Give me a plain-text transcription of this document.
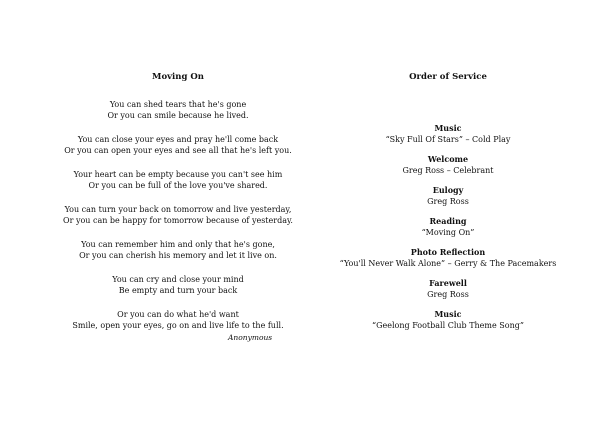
Moving On
You can shed tears that he's gone
Or you can smile because he lived.
You can close your eyes and pray he'll come back
Or you can open your eyes and see all that he's left you.
Your heart can be empty because you can't see him
Or you can be full of the love you've shared.
You can turn your back on tomorrow and live yesterday,
Or you can be happy for tomorrow because of yesterday.
You can remember him and only that he's gone,
Or you can cherish his memory and let it live on.
You can cry and close your mind
Be empty and turn your back
Or you can do what he'd want
Smile, open your eyes, go on and live life to the full.
Anonymous
Order of Service
Music
“Sky Full Of Stars” – Cold Play
Welcome
Greg Ross – Celebrant
Eulogy
Greg Ross
Reading
“Moving On”
Photo Reflection
“You'll Never Walk Alone” – Gerry & The Pacemakers
Farewell
Greg Ross
Music
“Geelong Football Club Theme Song”
